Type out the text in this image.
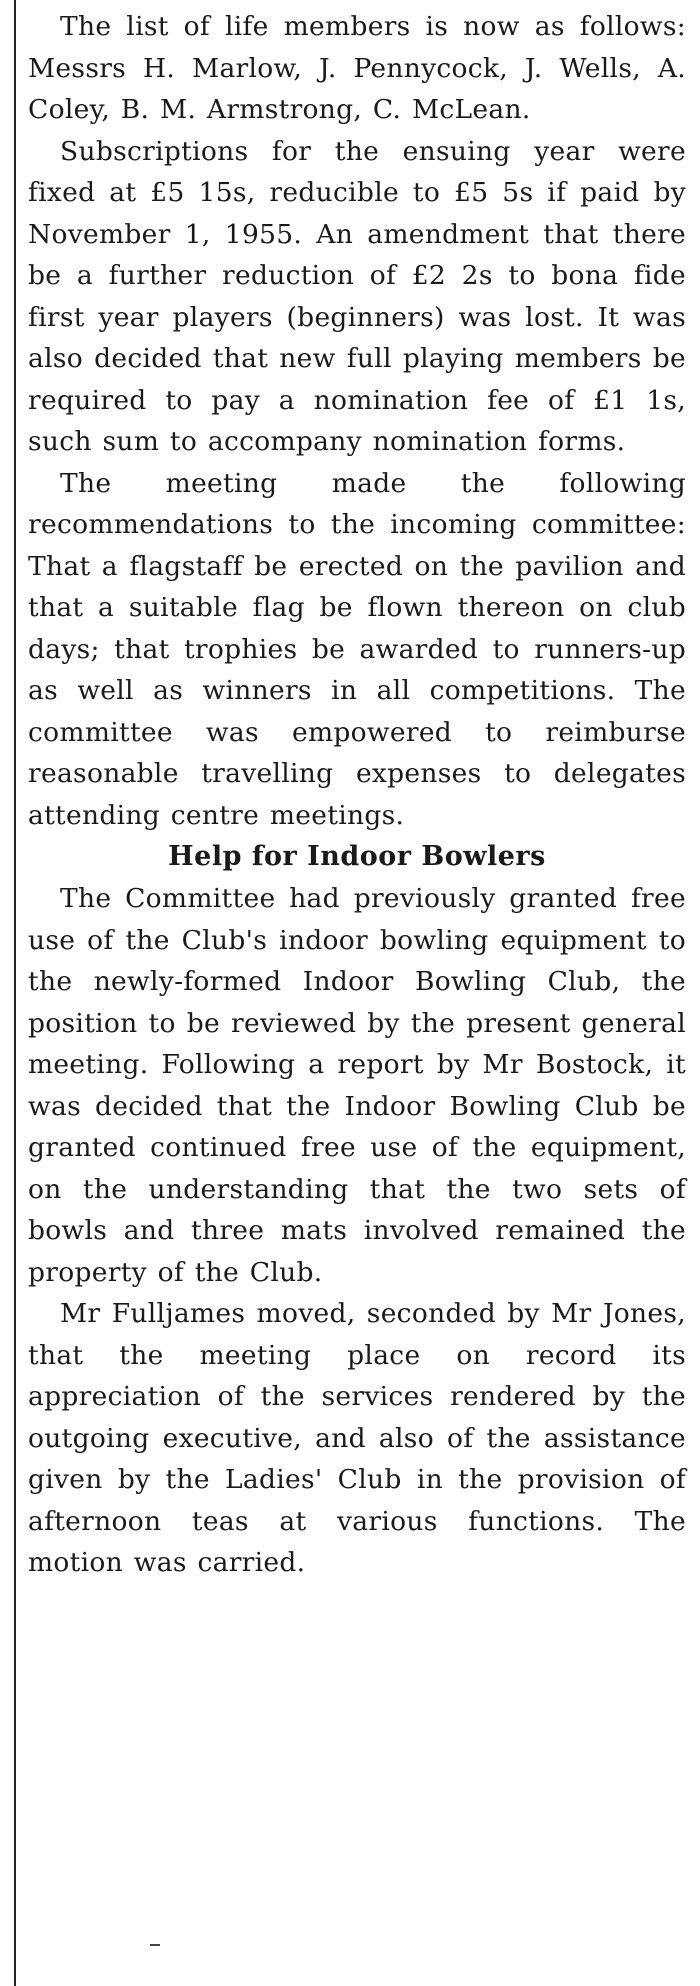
The list of life members is now as follows: Messrs H. Marlow, J. Pennycock, J. Wells, A. Coley, B. M. Armstrong, C. McLean.

Subscriptions for the ensuing year were fixed at £5 15s, reducible to £5 5s if paid by November 1, 1955. An amendment that there be a further reduction of £2 2s to bona fide first year players (beginners) was lost. It was also decided that new full playing members be required to pay a nomination fee of £1 1s, such sum to accompany nomination forms.

The meeting made the following recommendations to the incoming committee: That a flagstaff be erected on the pavilion and that a suitable flag be flown thereon on club days; that trophies be awarded to runners-up as well as winners in all competitions. The committee was empowered to reimburse reasonable travelling expenses to delegates attending centre meetings.

Help for Indoor Bowlers

The Committee had previously granted free use of the Club's indoor bowling equipment to the newly-formed Indoor Bowling Club, the position to be reviewed by the present general meeting. Following a report by Mr Bostock, it was decided that the Indoor Bowling Club be granted continued free use of the equipment, on the understanding that the two sets of bowls and three mats involved remained the property of the Club.

Mr Fulljames moved, seconded by Mr Jones, that the meeting place on record its appreciation of the services rendered by the outgoing executive, and also of the assistance given by the Ladies' Club in the provision of afternoon teas at various functions. The motion was carried.
